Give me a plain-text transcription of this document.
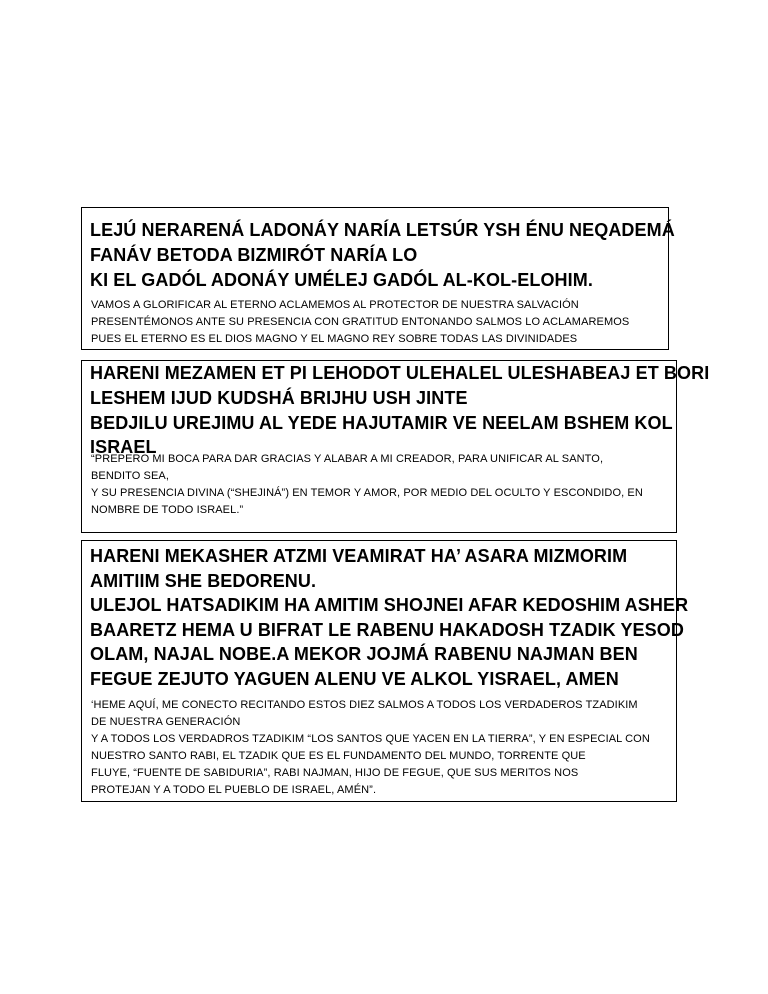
LEJÚ NERARENÁ LADONÁY NARÍA LETSÚR YSH ÉNU NEQADEMÁ
FANÁV BETODA BIZMIRÓT NARÍA LO
KI EL GADÓL ADONÁY UMÉLEJ GADÓL AL-KOL-ELOHIM.
VAMOS A GLORIFICAR AL ETERNO ACLAMEMOS AL PROTECTOR DE NUESTRA SALVACIÓN
PRESENTÉMONOS ANTE SU PRESENCIA CON GRATITUD ENTONANDO SALMOS LO ACLAMAREMOS
PUES EL ETERNO ES EL DIOS MAGNO Y EL MAGNO REY SOBRE TODAS LAS DIVINIDADES
HARENI MEZAMEN ET PI LEHODOT ULEHALEL ULESHABEAJ ET BORI
LESHEM IJUD KUDSHÁ BRIJHU USH JINTE
BEDJILU UREJIMU AL YEDE HAJUTAMIR VE NEELAM BSHEM KOL
ISRAEL
“PREPERO MI BOCA PARA DAR GRACIAS Y ALABAR A MI CREADOR, PARA UNIFICAR AL SANTO,
BENDITO SEA,
Y SU PRESENCIA DIVINA (“SHEJINÁ”) EN TEMOR Y AMOR, POR MEDIO DEL OCULTO Y ESCONDIDO, EN
NOMBRE DE TODO ISRAEL.”
HARENI MEKASHER ATZMI VEAMIRAT HA’ ASARA MIZMORIM
AMITIIM SHE BEDORENU.
ULEJOL HATSADIKIM HA AMITIM SHOJNEI AFAR KEDOSHIM ASHER
BAARETZ HEMA U BIFRAT LE RABENU HAKADOSH TZADIK YESOD
OLAM, NAJAL NOBE.A MEKOR JOJMÁ RABENU NAJMAN BEN
FEGUE ZEJUTO YAGUEN ALENU VE ALKOL YISRAEL, AMEN
‘HEME AQUÍ, ME CONECTO RECITANDO ESTOS DIEZ SALMOS A TODOS LOS VERDADEROS TZADIKIM
DE NUESTRA GENERACIÓN
Y A TODOS LOS VERDADROS TZADIKIM “LOS SANTOS QUE YACEN EN LA TIERRA”, Y EN ESPECIAL CON
NUESTRO SANTO RABI, EL TZADIK QUE ES EL FUNDAMENTO DEL MUNDO, TORRENTE QUE
FLUYE, “FUENTE DE SABIDURIA”, RABI NAJMAN, HIJO DE FEGUE, QUE SUS MERITOS NOS
PROTEJAN Y A TODO EL PUEBLO DE ISRAEL, AMÉN”.
